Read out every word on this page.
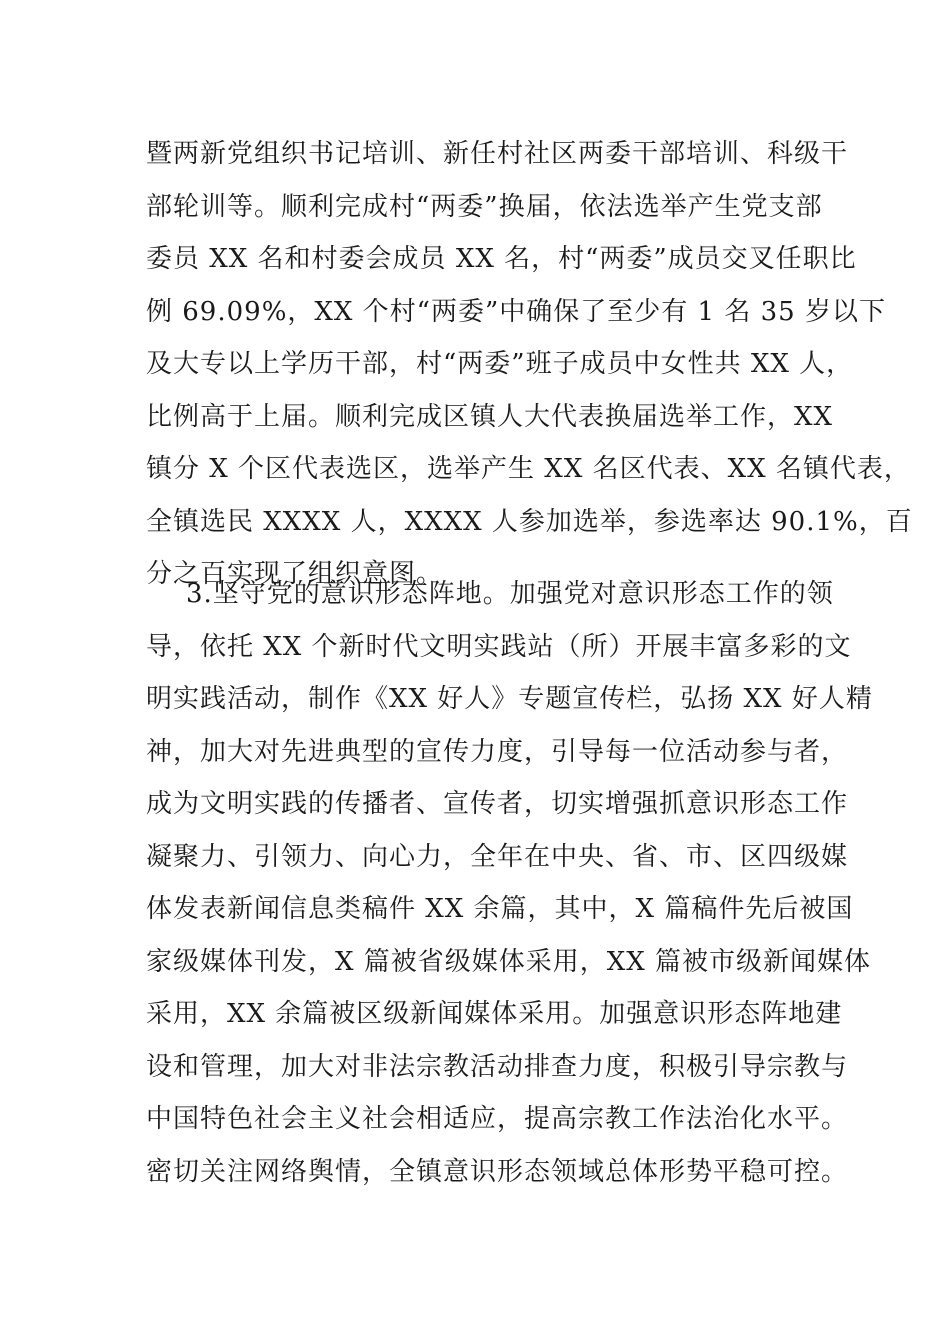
暨两新党组织书记培训、新任村社区两委干部培训、科级干
部轮训等。顺利完成村“两委”换届，依法选举产生党支部
委员 XX 名和村委会成员 XX 名，村“两委”成员交叉任职比
例 69.09%，XX 个村“两委”中确保了至少有 1 名 35 岁以下
及大专以上学历干部，村“两委”班子成员中女性共 XX 人，
比例高于上届。顺利完成区镇人大代表换届选举工作，XX
镇分 X 个区代表选区，选举产生 XX 名区代表、XX 名镇代表，
全镇选民 XXXX 人，XXXX 人参加选举，参选率达 90.1%，百
分之百实现了组织意图。
3.坚守党的意识形态阵地。加强党对意识形态工作的领
导，依托 XX 个新时代文明实践站（所）开展丰富多彩的文
明实践活动，制作《XX 好人》专题宣传栏，弘扬 XX 好人精
神，加大对先进典型的宣传力度，引导每一位活动参与者，
成为文明实践的传播者、宣传者，切实增强抓意识形态工作
凝聚力、引领力、向心力，全年在中央、省、市、区四级媒
体发表新闻信息类稿件 XX 余篇，其中，X 篇稿件先后被国
家级媒体刊发，X 篇被省级媒体采用，XX 篇被市级新闻媒体
采用，XX 余篇被区级新闻媒体采用。加强意识形态阵地建
设和管理，加大对非法宗教活动排查力度，积极引导宗教与
中国特色社会主义社会相适应，提高宗教工作法治化水平。
密切关注网络舆情，全镇意识形态领域总体形势平稳可控。
